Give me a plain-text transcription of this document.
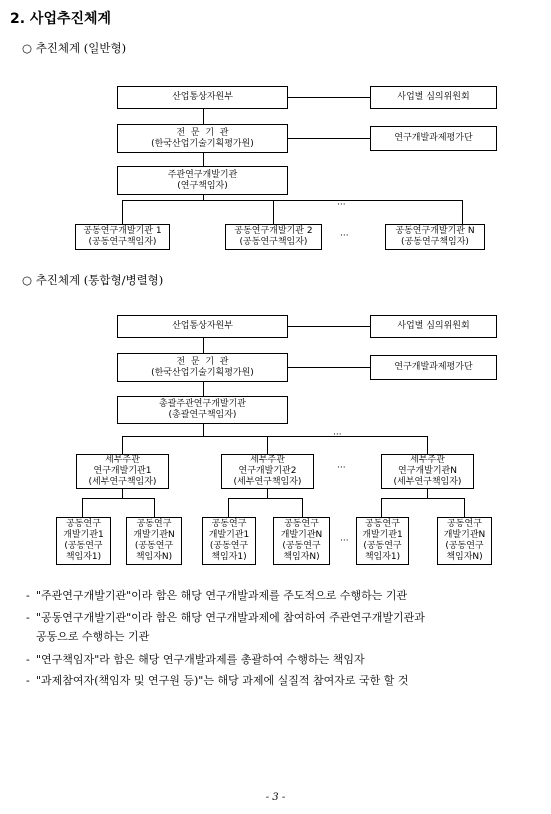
2. 사업추진체계
○ 추진체계 (일반형)
···
···
산업통상자원부	사업별 심의위원회
전  문  기  관
(한국산업기술기획평가원)
연구개발과제평가단
주관연구개발기관
(연구책임자)
공동연구개발기관 1
(공동연구책임자)
공동연구개발기관 2
(공동연구책임자)
공동연구개발기관 N
(공동연구책임자)
○ 추진체계 (통합형/병렬형)
···
···
···
산업통상자원부	사업별 심의위원회
전  문  기  관
(한국산업기술기획평가원)
연구개발과제평가단
총괄주관연구개발기관
(총괄연구책임자)
세부주관
연구개발기관1
(세부연구책임자)
세부주관
연구개발기관2
(세부연구책임자)
세부주관
연구개발기관N
(세부연구책임자)
공동연구
개발기관1
(공동연구
책임자1)
공동연구
개발기관N
(공동연구
책임자N)
공동연구
개발기관1
(공동연구
책임자1)
공동연구
개발기관N
(공동연구
책임자N)
공동연구
개발기관1
(공동연구
책임자1)
공동연구
개발기관N
(공동연구
책임자N)
- "주관연구개발기관"이라 함은 해당 연구개발과제를 주도적으로 수행하는 기관
- "공동연구개발기관"이라 함은 해당 연구개발과제에 참여하여 주관연구개발기관과
공동으로 수행하는 기관
- "연구책임자"라 함은 해당 연구개발과제를 총괄하여 수행하는 책임자
- "과제참여자(책임자 및 연구원 등)"는 해당 과제에 실질적 참여자로 국한 할 것
- 3 -
